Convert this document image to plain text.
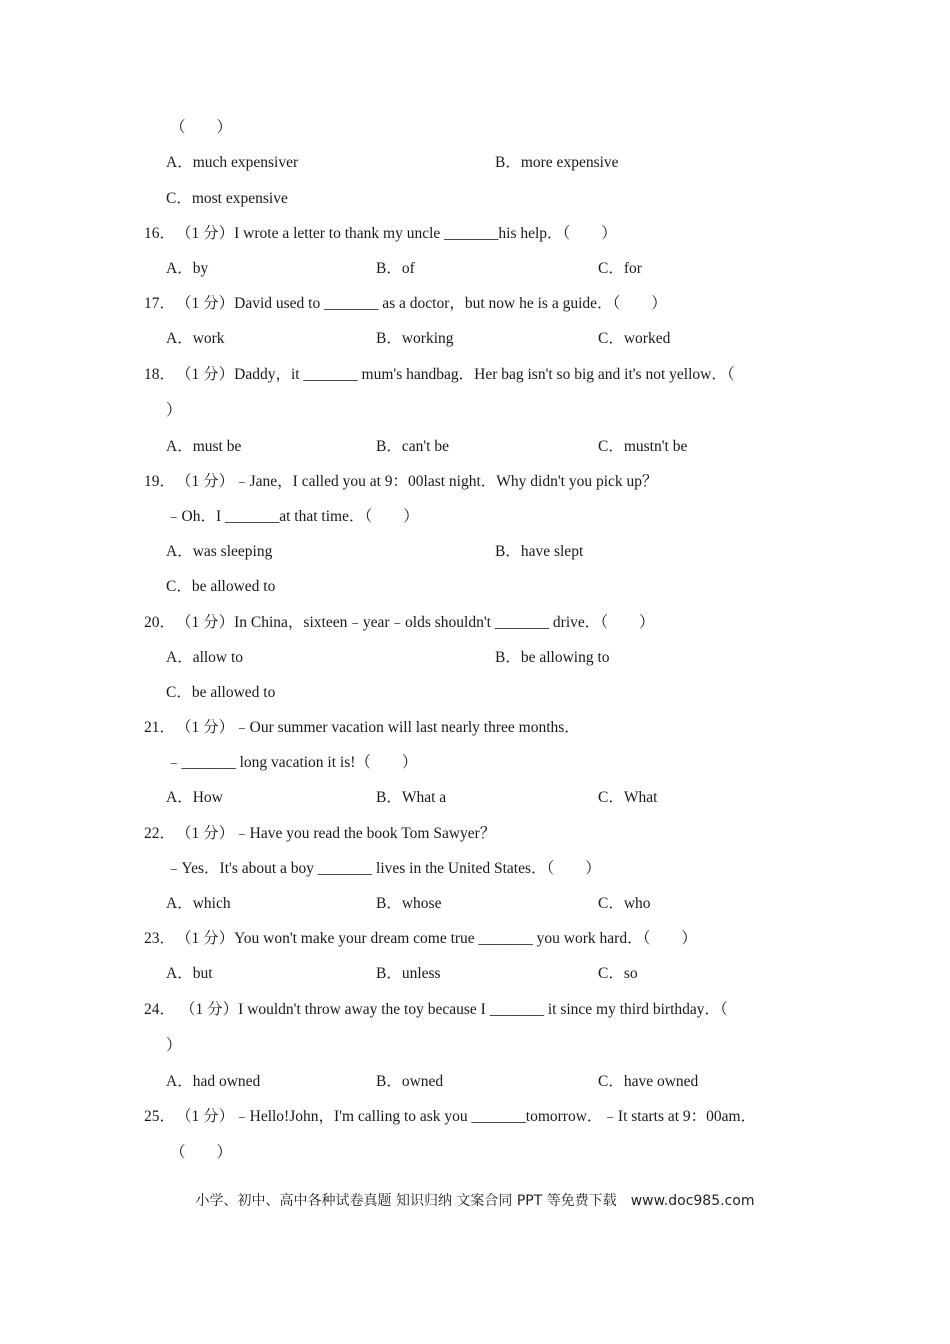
（　　）
A．much expensiver	B．more expensive
C．most expensive
16． （1 分）I wrote a letter to thank my uncle _______his help．（　　）
A．by	B．of	C．for
17． （1 分）David used to _______ as a doctor，but now he is a guide．（　　）
A．work	B．working	C．worked
18． （1 分）Daddy，it _______ mum's handbag．Her bag isn't so big and it's not yellow．（
）
A．must be	B．can't be	C．mustn't be
19． （1 分）﹣Jane，I called you at 9：00last night．Why didn't you pick up？
﹣Oh．I _______at that time．（　　）
A．was sleeping	B．have slept
C．be allowed to
20． （1 分）In China，sixteen﹣year﹣olds shouldn't _______ drive．（　　）
A．allow to	B．be allowing to
C．be allowed to
21． （1 分）﹣Our summer vacation will last nearly three months．
﹣_______ long vacation it is!（　　）
A．How	B．What a	C．What
22． （1 分）﹣Have you read the book Tom Sawyer？
﹣Yes．It's about a boy _______ lives in the United States．（　　）
A．which	B．whose	C．who
23． （1 分）You won't make your dream come true _______ you work hard．（　　）
A．but	B．unless	C．so
24． （1 分）I wouldn't throw away the toy because I _______ it since my third birthday．（
）
A．had owned	B．owned	C．have owned
25． （1 分）﹣Hello!John，I'm calling to ask you _______tomorrow．﹣It starts at 9：00am．
（　　）
小学、初中、高中各种试卷真题 知识归纳 文案合同 PPT 等免费下载　www.doc985.com
